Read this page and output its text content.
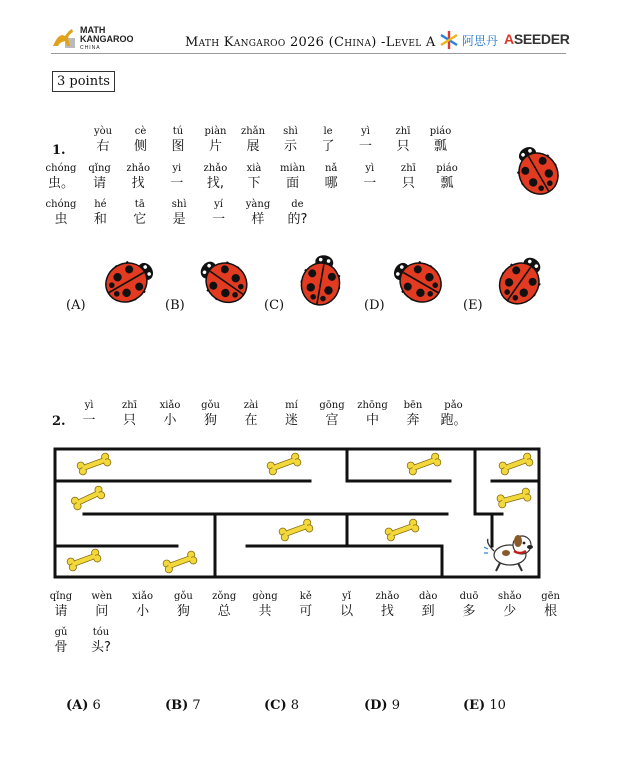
MATH
KANGAROO
CHINA	Math Kangaroo 2026 (China) -Level A 阿思丹 ASEEDER
3 points
1.
yòu
右
cè
侧
tú
图
piàn
片
zhǎn
展
shì
示
le
了
yì
一
zhī
只
piáo
瓢
chóng
虫。
qǐng
请
zhǎo
找
yi
一
zhǎo
找,
xià
下
miàn
面
nǎ
哪
yì
一
zhī
只
piáo
瓢
chóng
虫
hé
和
tā
它
shì
是
yí
一
yàng
样
de
的?
(A)	(B)	(C)	(D)	(E)
2.
yì
一
zhī
只
xiǎo
小
gǒu
狗
zài
在
mí
迷
gōng
宫
zhōng
中
bēn
奔
pǎo
跑。
qǐng
请
wèn
问
xiǎo
小
gǒu
狗
zǒng
总
gòng
共
kě
可
yǐ
以
zhǎo
找
dào
到
duō
多
shǎo
少
gēn
根
gǔ
骨
tóu
头?
(A) 6	(B) 7	(C) 8	(D) 9	(E) 10
